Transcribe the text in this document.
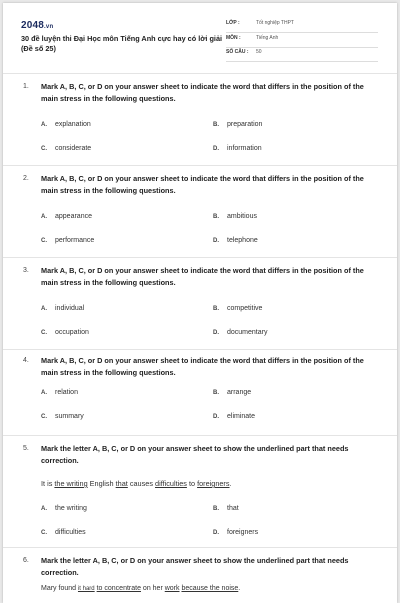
2048.vn
30 đề luyện thi Đại Học môn Tiếng Anh cực hay có lời giải (Đề số 25)
LỚP :	Tốt nghiệp THPT
MÔN :	Tiếng Anh
SỐ CÂU : 50
1. Mark A, B, C, or D on your answer sheet to indicate the word that differs in the position of the main stress in the following questions.
A. explanation	B. preparation
C. considerate	D. information
2. Mark A, B, C, or D on your answer sheet to indicate the word that differs in the position of the main stress in the following questions.
A. appearance	B. ambitious
C. performance	D. telephone
3. Mark A, B, C, or D on your answer sheet to indicate the word that differs in the position of the main stress in the following questions.
A. individual	B. competitive
C. occupation	D. documentary
4. Mark A, B, C, or D on your answer sheet to indicate the word that differs in the position of the main stress in the following questions.
A. relation	B. arrange
C. summary	D. eliminate
5. Mark the letter A, B, C, or D on your answer sheet to show the underlined part that needs correction.
It is the writing English that causes difficulties to foreigners.
A. the writing	B. that
C. difficulties	D. foreigners
6. Mark the letter A, B, C, or D on your answer sheet to show the underlined part that needs correction.
Mary found it hard to concentrate on her work because the noise.
